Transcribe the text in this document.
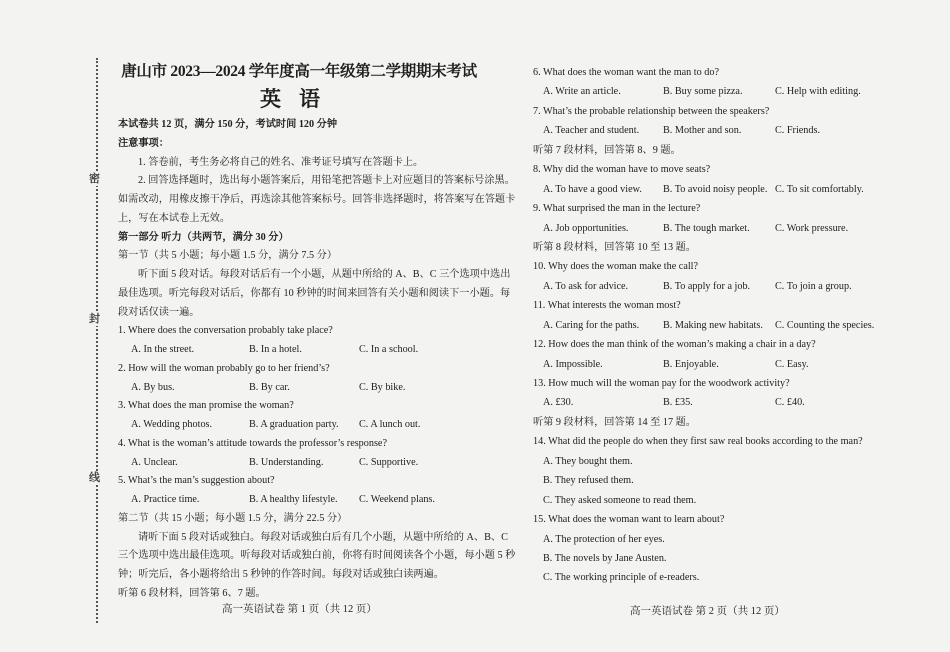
密
封
线
唐山市 2023—2024 学年度高一年级第二学期期末考试
英语
本试卷共 12 页，满分 150 分，考试时间 120 分钟
注意事项：
1. 答卷前，考生务必将自己的姓名、准考证号填写在答题卡上。
2. 回答选择题时，选出每小题答案后，用铅笔把答题卡上对应题目的答案标号涂黑。
如需改动，用橡皮擦干净后，再选涂其他答案标号。回答非选择题时，将答案写在答题卡
上，写在本试卷上无效。
第一部分 听力（共两节，满分 30 分）
第一节（共 5 小题；每小题 1.5 分，满分 7.5 分）
听下面 5 段对话。每段对话后有一个小题，从题中所给的 A、B、C 三个选项中选出
最佳选项。听完每段对话后，你都有 10 秒钟的时间来回答有关小题和阅读下一小题。每
段对话仅读一遍。
1. Where does the conversation probably take place?
A. In the street.	B. In a hotel.	C. In a school.
2. How will the woman probably go to her friend’s?
A. By bus.	B. By car.	C. By bike.
3. What does the man promise the woman?
A. Wedding photos.	B. A graduation party. C. A lunch out.
4. What is the woman’s attitude towards the professor’s response?
A. Unclear.	B. Understanding.	C. Supportive.
5. What’s the man’s suggestion about?
A. Practice time.	B. A healthy lifestyle. C. Weekend plans.
第二节（共 15 小题；每小题 1.5 分，满分 22.5 分）
请听下面 5 段对话或独白。每段对话或独白后有几个小题，从题中所给的 A、B、C
三个选项中选出最佳选项。听每段对话或独白前，你将有时间阅读各个小题，每小题 5 秒
钟；听完后，各小题将给出 5 秒钟的作答时间。每段对话或独白读两遍。
听第 6 段材料，回答第 6、7 题。
高一英语试卷 第 1 页（共 12 页）
6. What does the woman want the man to do?
A. Write an article.	B. Buy some pizza.	C. Help with editing.
7. What’s the probable relationship between the speakers?
A. Teacher and student. B. Mother and son.	C. Friends.
听第 7 段材料，回答第 8、9 题。
8. Why did the woman have to move seats?
A. To have a good view. B. To avoid noisy people. C. To sit comfortably.
9. What surprised the man in the lecture?
A. Job opportunities.	B. The tough market. C. Work pressure.
听第 8 段材料，回答第 10 至 13 题。
10. Why does the woman make the call?
A. To ask for advice.	B. To apply for a job. C. To join a group.
11. What interests the woman most?
A. Caring for the paths. B. Making new habitats. C. Counting the species.
12. How does the man think of the woman’s making a chair in a day?
A. Impossible.	B. Enjoyable.	C. Easy.
13. How much will the woman pay for the woodwork activity?
A. £30.	B. £35.	C. £40.
听第 9 段材料，回答第 14 至 17 题。
14. What did the people do when they first saw real books according to the man?
A. They bought them.
B. They refused them.
C. They asked someone to read them.
15. What does the woman want to learn about?
A. The protection of her eyes.
B. The novels by Jane Austen.
C. The working principle of e-readers.
高一英语试卷 第 2 页（共 12 页）
